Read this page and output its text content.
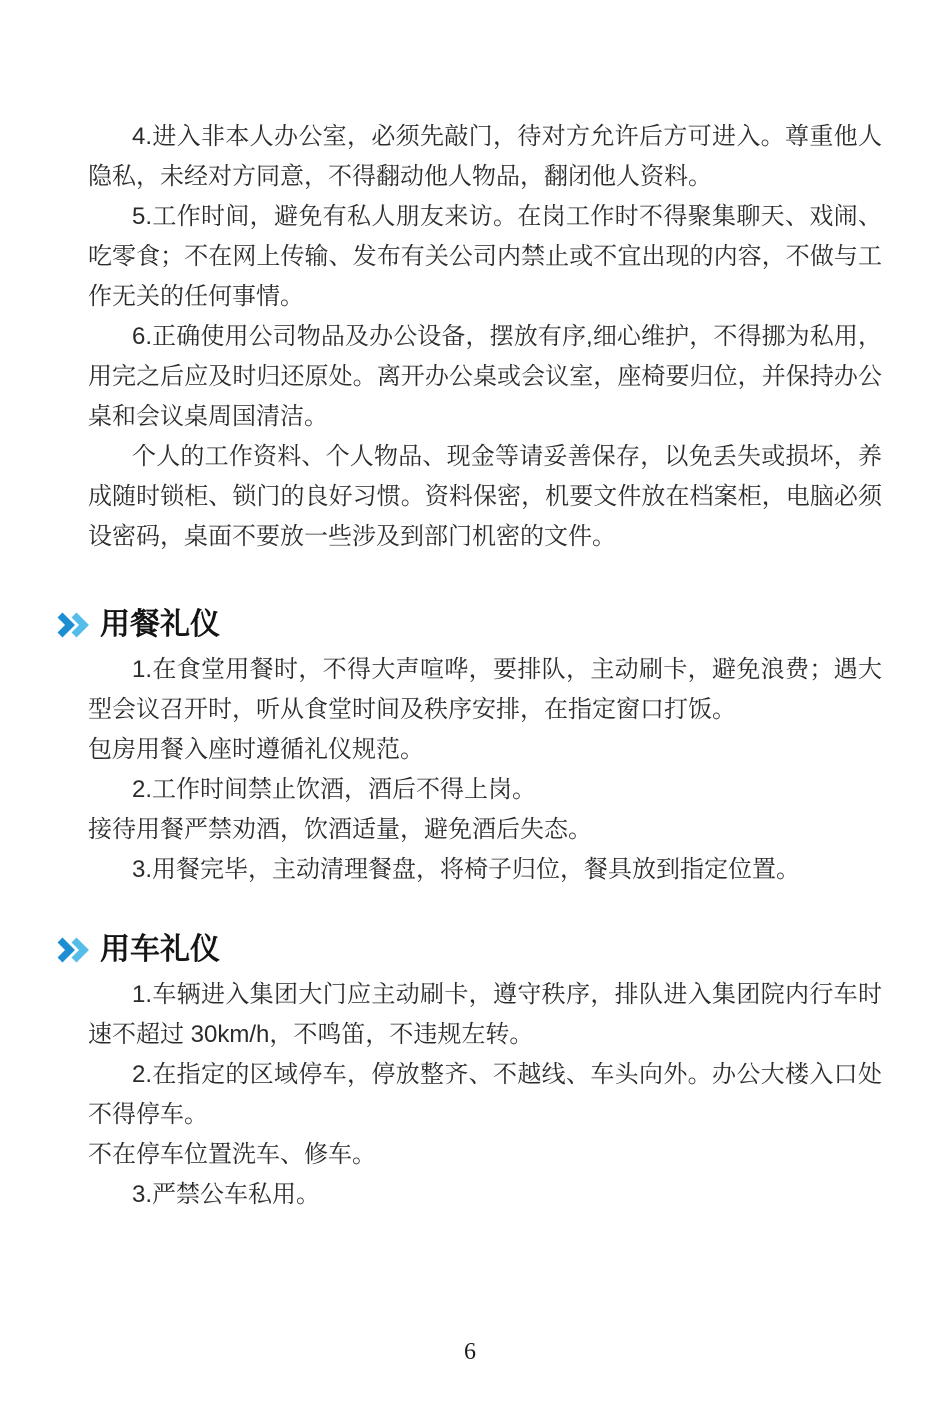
4.进入非本人办公室，必须先敲门，待对方允许后方可进入。尊重他人隐私，未经对方同意，不得翻动他人物品，翻闭他人资料。

5.工作时间，避免有私人朋友来访。在岗工作时不得聚集聊天、戏闹、吃零食；不在网上传输、发布有关公司内禁止或不宜出现的内容，不做与工作无关的任何事情。

6.正确使用公司物品及办公设备，摆放有序,细心维护，不得挪为私用，用完之后应及时归还原处。离开办公桌或会议室，座椅要归位，并保持办公桌和会议桌周国清洁。

个人的工作资料、个人物品、现金等请妥善保存，以免丢失或损坏，养成随时锁柜、锁门的良好习惯。资料保密，机要文件放在档案柜，电脑必须设密码，桌面不要放一些涉及到部门机密的文件。

用餐礼仪

1.在食堂用餐时，不得大声喧哗，要排队，主动刷卡，避免浪费；遇大型会议召开时，听从食堂时间及秩序安排，在指定窗口打饭。

包房用餐入座时遵循礼仪规范。

2.工作时间禁止饮酒，酒后不得上岗。

接待用餐严禁劝酒，饮酒适量，避免酒后失态。

3.用餐完毕，主动清理餐盘，将椅子归位，餐具放到指定位置。

用车礼仪

1.车辆进入集团大门应主动刷卡，遵守秩序，排队进入集团院内行车时速不超过 30km/h，不鸣笛，不违规左转。

2.在指定的区域停车，停放整齐、不越线、车头向外。办公大楼入口处不得停车。

不在停车位置洗车、修车。

3.严禁公车私用。

6
